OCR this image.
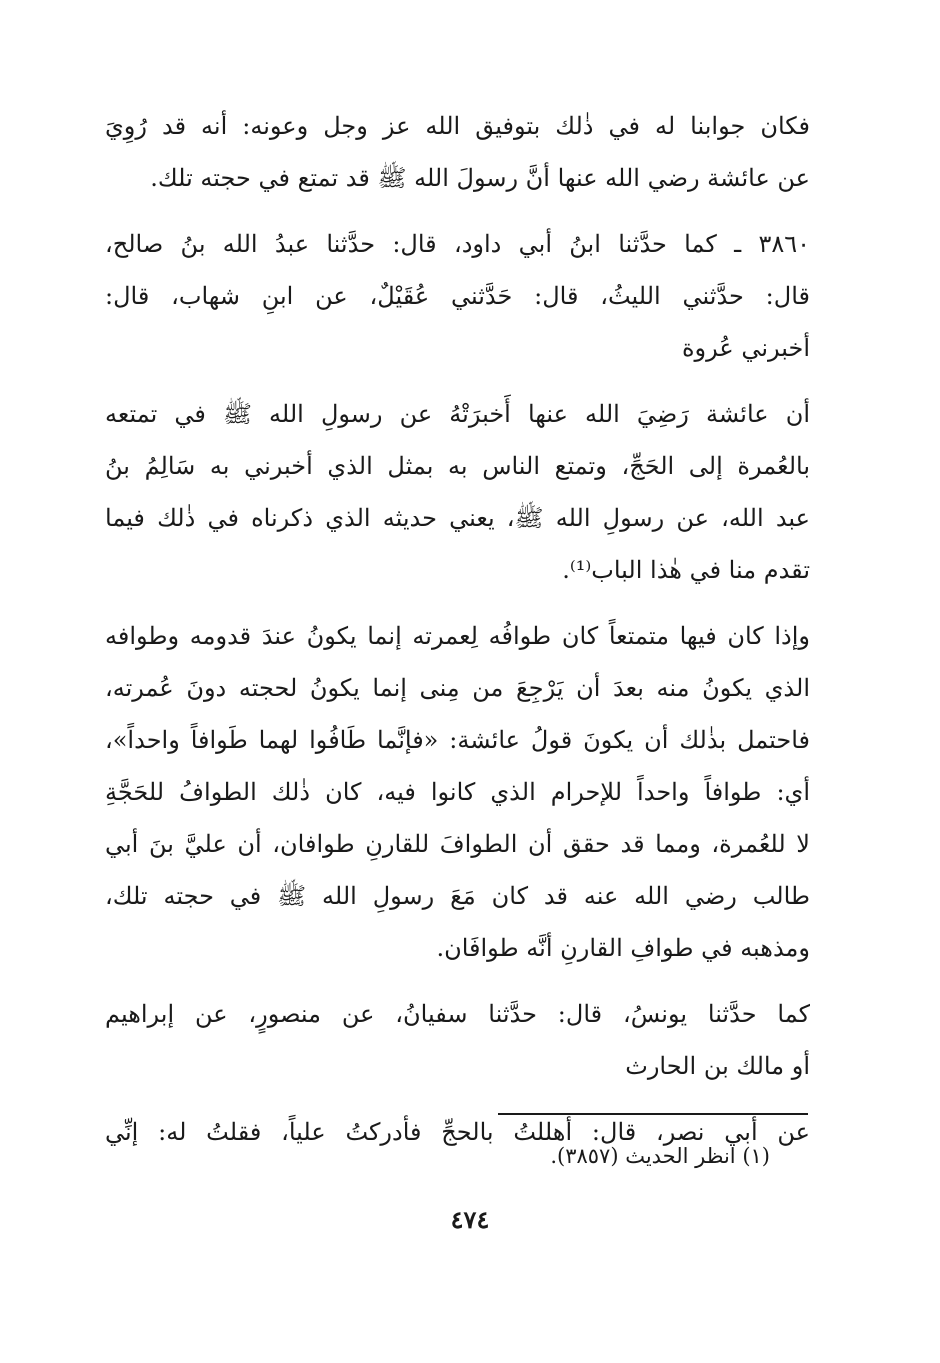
فكان جوابنا له في ذٰلك بتوفيق الله عز وجل وعونه: أنه قد رُوِيَ
عن عائشة رضي الله عنها أنَّ رسولَ الله ﷺ قد تمتع في حجته تلك.
٣٨٦٠ ـ كما حدَّثنا ابنُ أبي داود، قال: حدَّثنا عبدُ الله بنُ صالح،
قال: حدَّثني الليثُ، قال: حَدَّثني عُقَيْلٌ، عن ابنِ شهاب، قال:
أخبرني عُروة
أن عائشة رَضِيَ الله عنها أَخبرَتْهُ عن رسولِ الله ﷺ في تمتعه
بالعُمرة إلى الحَجِّ، وتمتع الناس به بمثل الذي أخبرني به سَالِمُ بنُ
عبد الله، عن رسولِ الله ﷺ، يعني حديثه الذي ذكرناه في ذٰلك فيما
تقدم منا في هٰذا الباب⁽¹⁾.
وإذا كان فيها متمتعاً كان طوافُه لِعمرته إنما يكونُ عندَ قدومه وطوافه
الذي يكونُ منه بعدَ أن يَرْجِعَ من مِنى إنما يكونُ لحجته دونَ عُمرته،
فاحتمل بذٰلك أن يكونَ قولُ عائشة: «فإنَّما طَافُوا لهما طَوافاً واحداً»،
أي: طوافاً واحداً للإحرام الذي كانوا فيه، كان ذٰلك الطوافُ للحَجَّةِ
لا للعُمرة، ومما قد حقق أن الطوافَ للقارنِ طوافان، أن عليَّ بنَ أبي
طالب رضي الله عنه قد كان مَعَ رسولِ الله ﷺ في حجته تلك،
ومذهبه في طوافِ القارنِ أنَّه طوافَان.
كما حدَّثنا يونسُ، قال: حدَّثنا سفيانُ، عن منصورٍ، عن إبراهيم
أو مالك بن الحارث
عن أبي نصر، قال: أهللتُ بالحجِّ فأدركتُ علياً، فقلتُ له: إنِّي
(١) انظر الحديث (٣٨٥٧).
٤٧٤
